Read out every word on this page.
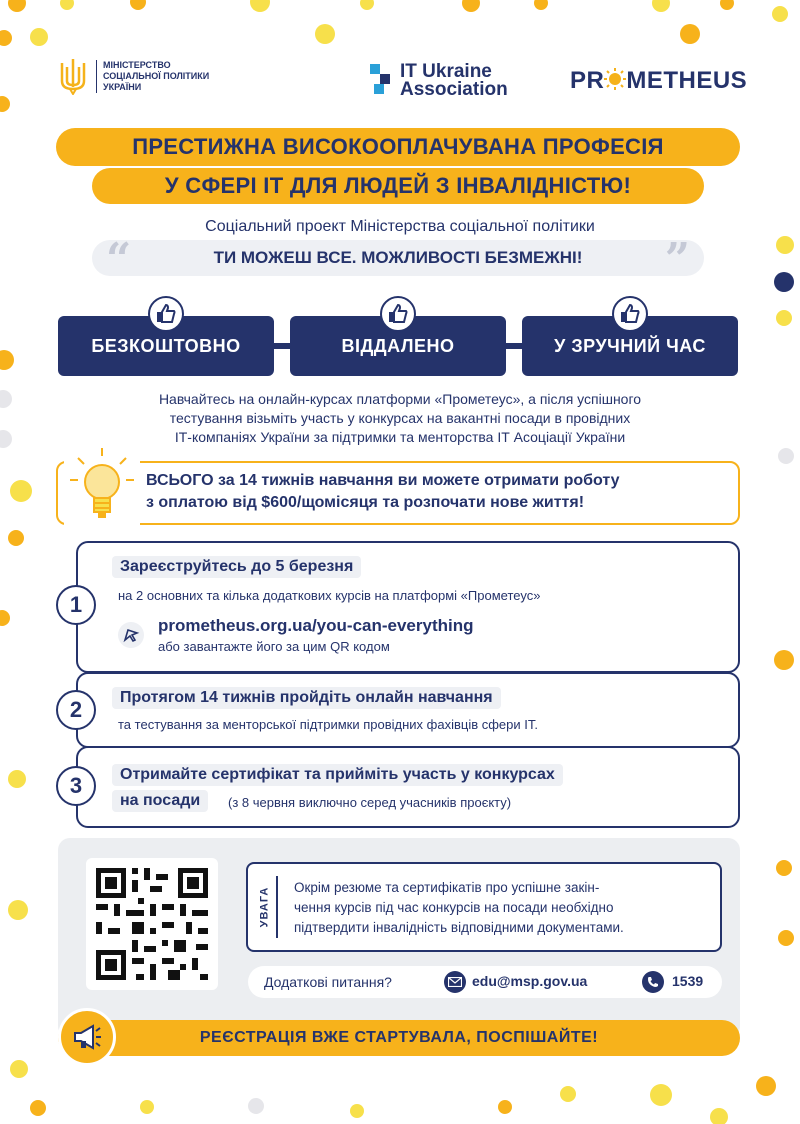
МІНІСТЕРСТВО
СОЦІАЛЬНОЇ ПОЛІТИКИ
УКРАЇНИ
IT Ukraine
Association	PR METHEUS
ПРЕСТИЖНА ВИСОКООПЛАЧУВАНА ПРОФЕСІЯ
У СФЕРІ ІТ ДЛЯ ЛЮДЕЙ З ІНВАЛІДНІСТЮ!
Соціальний проект Міністерства соціальної політики
“	ТИ МОЖЕШ ВСЕ. МОЖЛИВОСТІ БЕЗМЕЖНІ! ”
БЕЗКОШТОВНО	ВІДДАЛЕНО	У ЗРУЧНИЙ ЧАС
Навчайтесь на онлайн-курсах платформи «Прометеус», а після успішного
тестування візьміть участь у конкурсах на вакантні посади в провідних
ІТ-компаніях України за підтримки та менторства ІТ Асоціації України
ВСЬОГО за 14 тижнів навчання ви можете отримати роботу
з оплатою від $600/щомісяця та розпочати нове життя!
1
Зареєструйтесь до 5 березня
на 2 основних та кілька додаткових курсів на платформі «Прометеус»
prometheus.org.ua/you-can-everything
або завантажте його за цим QR кодом
2	Протягом 14 тижнів пройдіть онлайн навчання
та тестування за менторської підтримки провідних фахівців сфери ІТ.
3	Отримайте сертифікат та прийміть участь у конкурсах
на посади	(з 8 червня виключно серед учасників проєкту)
УВАГА Окрім резюме та сертифікатів про успішне закін-
чення курсів під час конкурсів на посади необхідно
підтвердити інвалідність відповідними документами.
Додаткові питання?	edu@msp.gov.ua	1539
РЕЄСТРАЦІЯ ВЖЕ СТАРТУВАЛА, ПОСПІШАЙТЕ!
